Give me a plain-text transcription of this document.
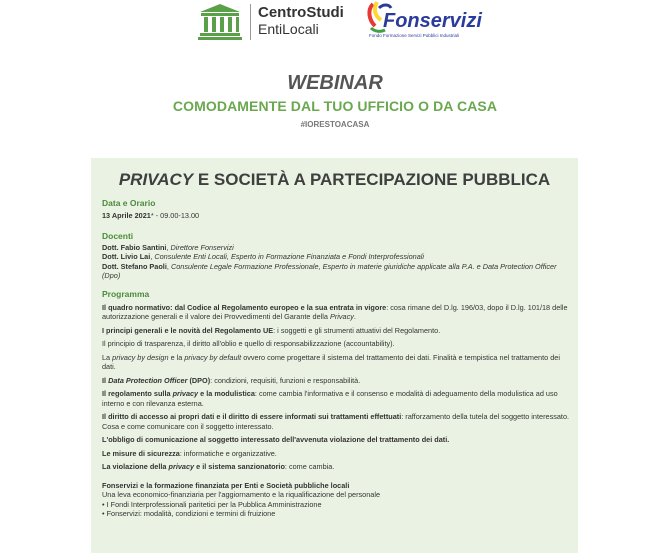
CentroStudi
EntiLocali	Fonservizi
Fondo Formazione Servizi Pubblici Industriali
WEBINAR
COMODAMENTE DAL TUO UFFICIO O DA CASA
#IORESTOACASA
PRIVACY E SOCIETÀ A PARTECIPAZIONE PUBBLICA
Data e Orario
13 Aprile 2021* - 09.00-13.00
Docenti
Dott. Fabio Santini, Direttore Fonservizi
Dott. Livio Lai, Consulente Enti Locali, Esperto in Formazione Finanziata e Fondi Interprofessionali
Dott. Stefano Paoli, Consulente Legale Formazione Professionale, Esperto in materie giuridiche applicate alla P.A. e Data Protection Officer (Dpo)
Programma
Il quadro normativo: dal Codice al Regolamento europeo e la sua entrata in vigore: cosa rimane del D.lg. 196/03, dopo il D.lg. 101/18 delle autorizzazione generali e il valore dei Provvedimenti del Garante della Privacy.
I principi generali e le novità del Regolamento UE: i soggetti e gli strumenti attuativi del Regolamento.
Il principio di trasparenza, il diritto all'oblio e quello di responsabilizzazione (accountability).
La privacy by design e la privacy by default ovvero come progettare il sistema del trattamento dei dati. Finalità e tempistica nel trattamento dei dati.
Il Data Protection Officer (DPO): condizioni, requisiti, funzioni e responsabilità.
Il regolamento sulla privacy e la modulistica: come cambia l'informativa e il consenso e modalità di adeguamento della modulistica ad uso interno e con rilevanza esterna.
Il diritto di accesso ai propri dati e il diritto di essere informati sui trattamenti effettuati: rafforzamento della tutela del soggetto interessato. Cosa e come comunicare con il soggetto interessato.
L'obbligo di comunicazione al soggetto interessato dell'avvenuta violazione del trattamento dei dati.
Le misure di sicurezza: informatiche e organizzative.
La violazione della privacy e il sistema sanzionatorio: come cambia.
Fonservizi e la formazione finanziata per Enti e Società pubbliche locali
Una leva economico-finanziaria per l'aggiornamento e la riqualificazione del personale
• I Fondi Interprofessionali paritetici per la Pubblica Amministrazione
• Fonservizi: modalità, condizioni e termini di fruizione
